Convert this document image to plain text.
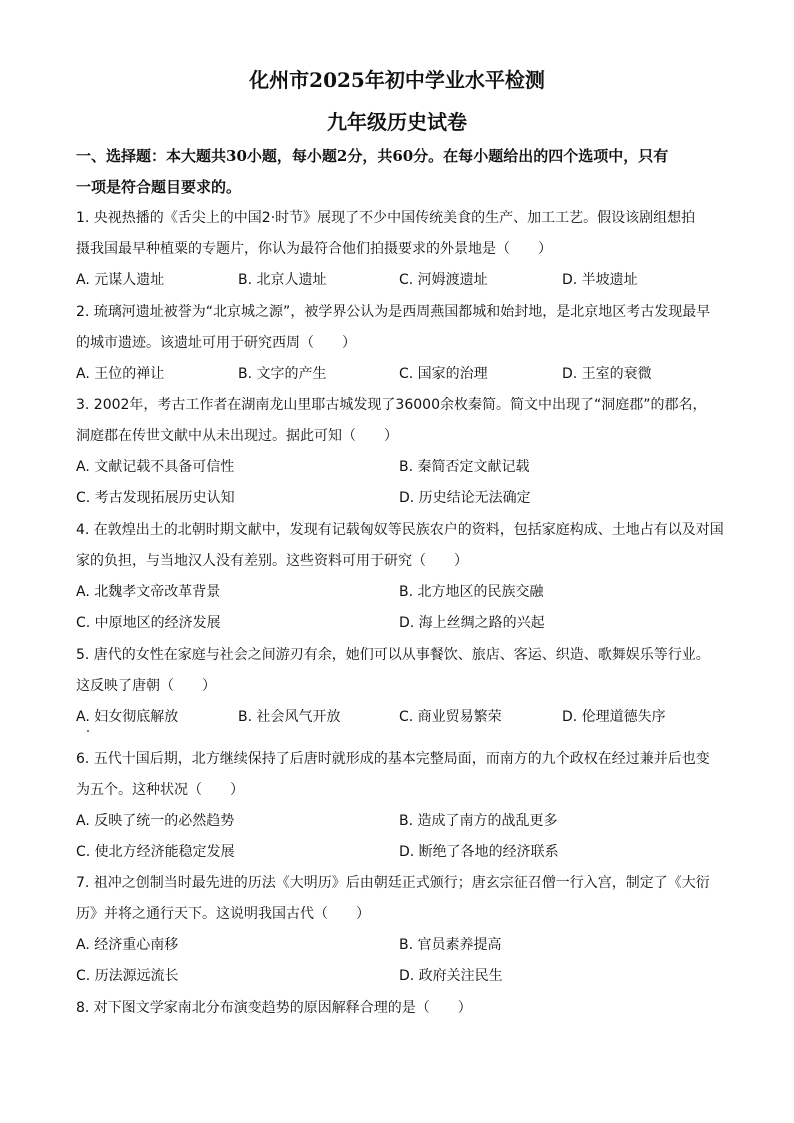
化州市2025年初中学业水平检测
九年级历史试卷
一、选择题：本大题共30小题，每小题2分，共60分。在每小题给出的四个选项中，只有
一项是符合题目要求的。
1. 央视热播的《舌尖上的中国2·时节》展现了不少中国传统美食的生产、加工工艺。假设该剧组想拍
摄我国最早种植粟的专题片，你认为最符合他们拍摄要求的外景地是（　　）
A. 元谋人遗址	B. 北京人遗址	C. 河姆渡遗址	D. 半坡遗址
2. 琉璃河遗址被誉为“北京城之源”，被学界公认为是西周燕国都城和始封地，是北京地区考古发现最早
的城市遗迹。该遗址可用于研究西周（　　）
A. 王位的禅让	B. 文字的产生	C. 国家的治理	D. 王室的衰微
3. 2002年，考古工作者在湖南龙山里耶古城发现了36000余枚秦简。简文中出现了“洞庭郡”的郡名，
洞庭郡在传世文献中从未出现过。据此可知（　　）
A. 文献记载不具备可信性	B. 秦简否定文献记载
C. 考古发现拓展历史认知	D. 历史结论无法确定
4. 在敦煌出土的北朝时期文献中，发现有记载匈奴等民族农户的资料，包括家庭构成、土地占有以及对国
家的负担，与当地汉人没有差别。这些资料可用于研究（　　）
A. 北魏孝文帝改革背景	B. 北方地区的民族交融
C. 中原地区的经济发展	D. 海上丝绸之路的兴起
5. 唐代的女性在家庭与社会之间游刃有余，她们可以从事餐饮、旅店、客运、织造、歌舞娱乐等行业。
这反映了唐朝（　　）
A. 妇女彻底解放	B. 社会风气开放	C. 商业贸易繁荣	D. 伦理道德失序
6. 五代十国后期，北方继续保持了后唐时就形成的基本完整局面，而南方的九个政权在经过兼并后也变
为五个。这种状况（　　）
A. 反映了统一的必然趋势	B. 造成了南方的战乱更多
C. 使北方经济能稳定发展	D. 断绝了各地的经济联系
7. 祖冲之创制当时最先进的历法《大明历》后由朝廷正式颁行；唐玄宗征召僧一行入宫，制定了《大衍
历》并将之通行天下。这说明我国古代（　　）
A. 经济重心南移	B. 官员素养提高
C. 历法源远流长	D. 政府关注民生
8. 对下图文学家南北分布演变趋势的原因解释合理的是（　　）
